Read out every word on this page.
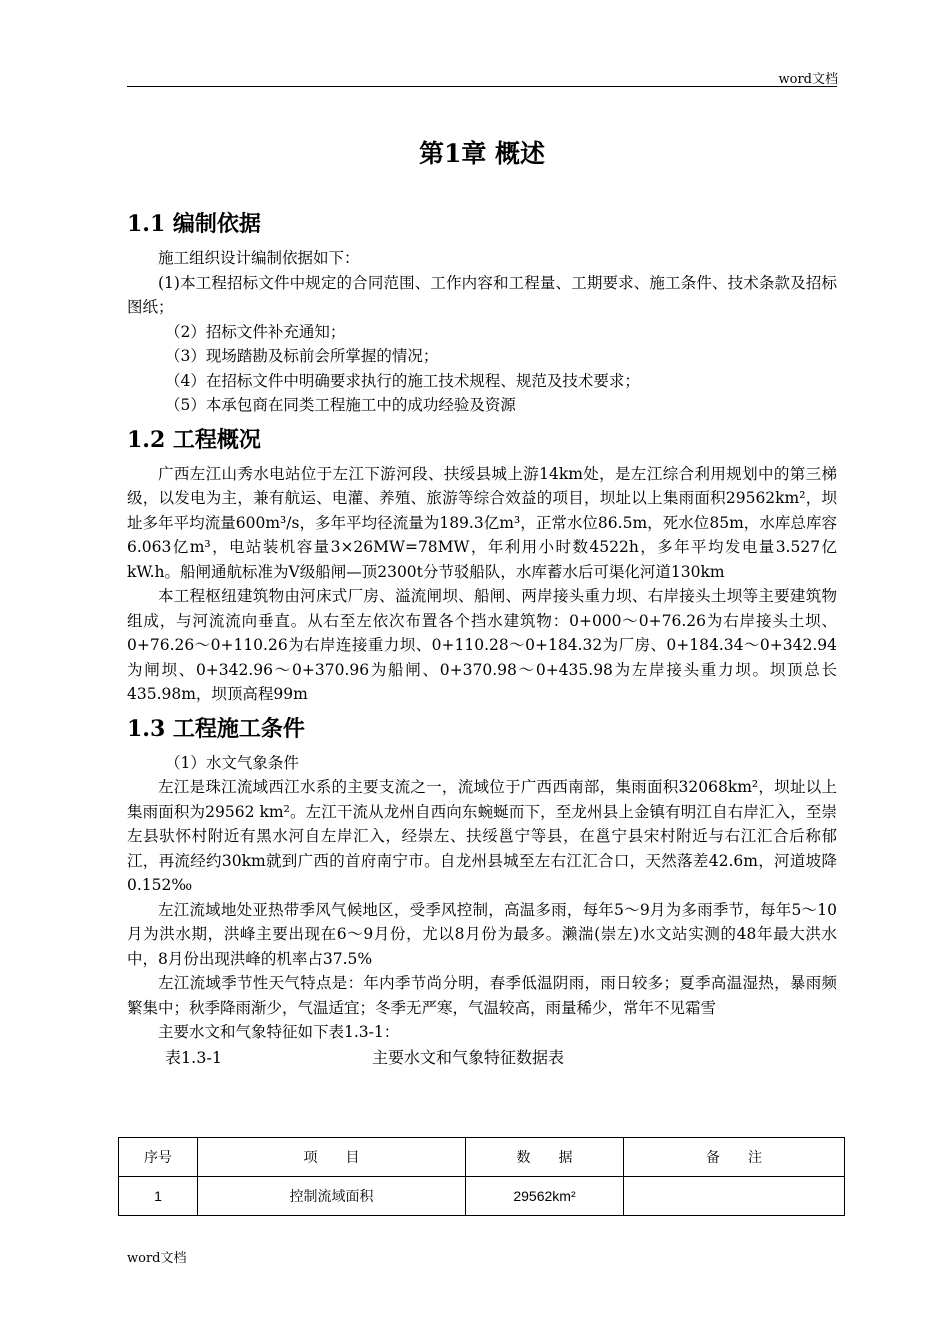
word文档
第1章 概述
1.1 编制依据

施工组织设计编制依据如下：

(1)本工程招标文件中规定的合同范围、工作内容和工程量、工期要求、施工条件、技术条款及招标图纸；

（2）招标文件补充通知；

（3）现场踏勘及标前会所掌握的情况；

（4）在招标文件中明确要求执行的施工技术规程、规范及技术要求；

（5）本承包商在同类工程施工中的成功经验及资源

1.2 工程概况

广西左江山秀水电站位于左江下游河段、扶绥县城上游14km处，是左江综合利用规划中的第三梯级，以发电为主，兼有航运、电灌、养殖、旅游等综合效益的项目，坝址以上集雨面积29562km²，坝址多年平均流量600m³/s，多年平均径流量为189.3亿m³，正常水位86.5m，死水位85m，水库总库容6.063亿m³，电站装机容量3×26MW=78MW，年利用小时数4522h，多年平均发电量3.527亿kW.h。船闸通航标准为Ⅴ级船闸—顶2300t分节驳船队，水库蓄水后可渠化河道130km

本工程枢纽建筑物由河床式厂房、溢流闸坝、船闸、两岸接头重力坝、右岸接头土坝等主要建筑物组成，与河流流向垂直。从右至左依次布置各个挡水建筑物：0+000～0+76.26为右岸接头土坝、0+76.26～0+110.26为右岸连接重力坝、0+110.28～0+184.32为厂房、0+184.34～0+342.94为闸坝、0+342.96～0+370.96为船闸、0+370.98～0+435.98为左岸接头重力坝。坝顶总长435.98m，坝顶高程99m

1.3 工程施工条件

（1）水文气象条件

左江是珠江流域西江水系的主要支流之一，流域位于广西西南部，集雨面积32068km²，坝址以上集雨面积为29562 km²。左江干流从龙州自西向东蜿蜒而下，至龙州县上金镇有明江自右岸汇入，至崇左县驮怀村附近有黑水河自左岸汇入，经崇左、扶绥邕宁等县，在邕宁县宋村附近与右江汇合后称郁江，再流经约30km就到广西的首府南宁市。自龙州县城至左右江汇合口，天然落差42.6m，河道坡降0.152‰

左江流域地处亚热带季风气候地区，受季风控制，高温多雨，每年5～9月为多雨季节，每年5～10月为洪水期，洪峰主要出现在6～9月份，尤以8月份为最多。濑湍(崇左)水文站实测的48年最大洪水中，8月份出现洪峰的机率占37.5%

左江流域季节性天气特点是：年内季节尚分明，春季低温阴雨，雨日较多；夏季高温湿热，暴雨频繁集中；秋季降雨渐少，气温适宜；冬季无严寒，气温较高，雨量稀少，常年不见霜雪

主要水文和气象特征如下表1.3-1：

表1.3-1	主要水文和气象特征数据表
序号	项　　目	数　　据	备　　注
1	控制流域面积	29562km²	
word文档
